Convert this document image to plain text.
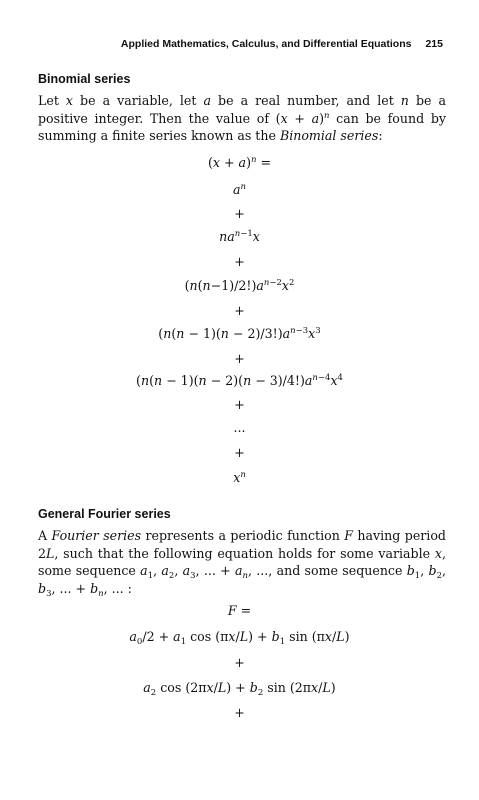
Applied Mathematics, Calculus, and Differential Equations 215
Binomial series
Let x be a variable, let a be a real number, and let n be a positive integer. Then the value of $(x + a)^n$ can be found by summing a finite series known as the Binomial series:
$(x + a)^n$ =
$a^n$
+
$na^{n-1}x$
+
$(n(n-1)/2!)a^{n-2}x^2$
+
$(n(n - 1)(n - 2)/3!)a^{n-3}x^3$
+
$(n(n - 1)(n - 2)(n - 3)/4!)a^{n-4}x^4$
+
...
+
$x^n$
General Fourier series
A Fourier series represents a periodic function F having period 2L, such that the following equation holds for some variable x, some sequence $a_1$, $a_2$, $a_3$, ... + $a_n$, ..., and some sequence $b_1$, $b_2$, $b_3$, ... + $b_n$, ... :
F =
$a_0/2 + a_1$ $\cos (\pi x/L) + b_1$ sin (πx/L)
+
$a_2$ $\cos (2\pi x/L) + b_2$ sin (2πx/L)
+
